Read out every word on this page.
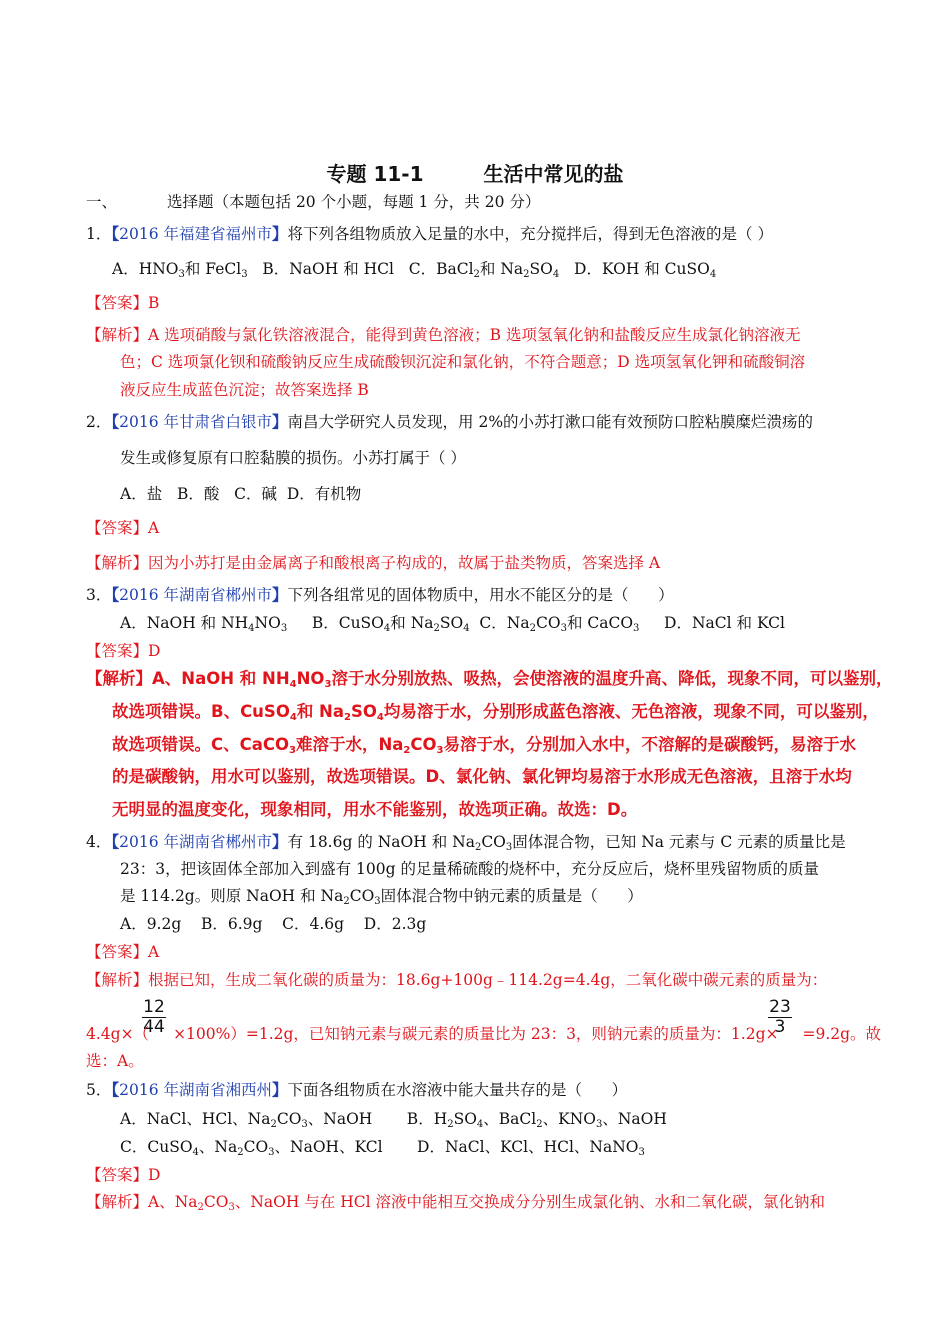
专题 11-1	生活中常见的盐
一、	选择题（本题包括 20 个小题，每题 1 分，共 20 分）
1．【2016 年福建省福州市】将下列各组物质放入足量的水中，充分搅拌后，得到无色溶液的是（ ）
A．$HNO_3$和 FeCl$_3$   B．NaOH 和 HCl   C．BaCl$_2$和 $Na_2SO_4$   D．KOH 和 CuSO$_4$
【答案】B
【解析】A 选项硝酸与氯化铁溶液混合，能得到黄色溶液；B 选项氢氧化钠和盐酸反应生成氯化钠溶液无
色；C 选项氯化钡和硫酸钠反应生成硫酸钡沉淀和氯化钠，不符合题意；D 选项氢氧化钾和硫酸铜溶
液反应生成蓝色沉淀；故答案选择 B
2．【2016 年甘肃省白银市】南昌大学研究人员发现，用 2%的小苏打漱口能有效预防口腔粘膜糜烂溃疡的
发生或修复原有口腔黏膜的损伤。小苏打属于（ ）
A．盐   B．酸   C．碱  D．有机物
【答案】A
【解析】因为小苏打是由金属离子和酸根离子构成的，故属于盐类物质，答案选择 A
3．【2016 年湖南省郴州市】下列各组常见的固体物质中，用水不能区分的是（      ）
A．NaOH 和 $NH_4NO_3$     B．CuSO$_4$和 $Na_2SO_4$  C．$Na_2CO_3$和 CaCO$_3$     D．NaCl 和 KCl
【答案】D
【解析】A、NaOH 和 $NH_4NO_3$溶于水分别放热、吸热，会使溶液的温度升高、降低，现象不同，可以鉴别，
故选项错误。B、CuSO$_4$和 $Na_2SO_4$均易溶于水，分别形成蓝色溶液、无色溶液，现象不同，可以鉴别，
故选项错误。C、CaCO$_3$难溶于水，$Na_2CO_3$易溶于水，分别加入水中，不溶解的是碳酸钙，易溶于水
的是碳酸钠，用水可以鉴别，故选项错误。D、氯化钠、氯化钾均易溶于水形成无色溶液，且溶于水均
无明显的温度变化，现象相同，用水不能鉴别，故选项正确。故选：D。
4．【2016 年湖南省郴州市】有 18.6g 的 NaOH 和 $Na_2CO_3$固体混合物，已知 Na 元素与 C 元素的质量比是
23：3，把该固体全部加入到盛有 100g 的足量稀硫酸的烧杯中，充分反应后，烧杯里残留物质的质量
是 114.2g。则原 NaOH 和 $Na_2CO_3$固体混合物中钠元素的质量是（      ）
A．9.2g    B．6.9g    C．4.6g    D．2.3g
【答案】A
【解析】根据已知，生成二氧化碳的质量为：18.6g+100g﹣114.2g=4.4g，二氧化碳中碳元素的质量为：
$\frac{12}{44}$	$\frac{23}{3}$
4.4g×（ ×100%）=1.2g，已知钠元素与碳元素的质量比为 23：3，则钠元素的质量为：1.2g× =9.2g。故
选：A。
5．【2016 年湖南省湘西州】下面各组物质在水溶液中能大量共存的是（      ）
A．NaCl、HCl、$Na_2CO_3$、NaOH       B．$H_2SO_4$、BaCl$_2$、$KNO_3$、NaOH
C．CuSO$_4$、$Na_2CO_3$、NaOH、KCl       D．NaCl、KCl、HCl、NaNO$_3$
【答案】D
【解析】A、$Na_2CO_3$、NaOH 与在 HCl 溶液中能相互交换成分分别生成氯化钠、水和二氧化碳，氯化钠和
